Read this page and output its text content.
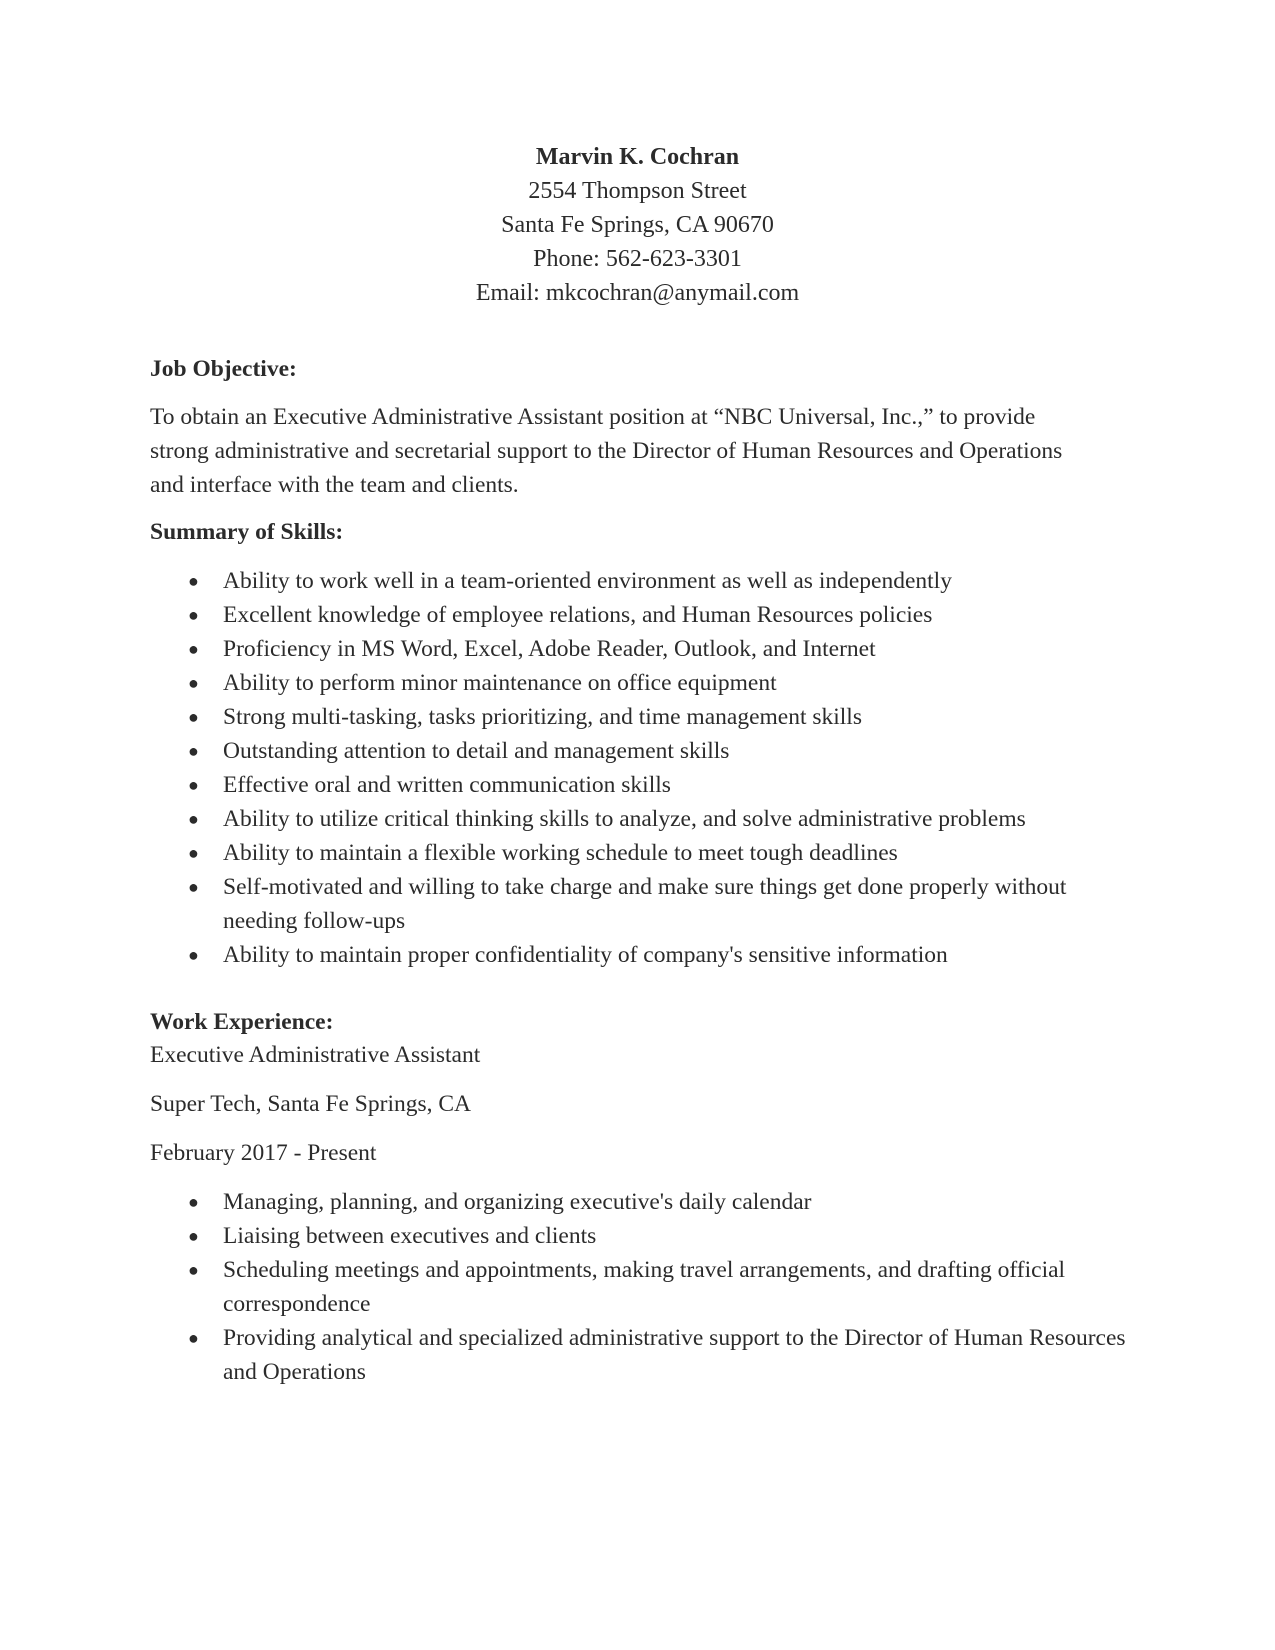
Marvin K. Cochran
2554 Thompson Street
Santa Fe Springs, CA 90670
Phone: 562-623-3301
Email: mkcochran@anymail.com
Job Objective:
To obtain an Executive Administrative Assistant position at “NBC Universal, Inc.,” to provide strong administrative and secretarial support to the Director of Human Resources and Operations and interface with the team and clients.
Summary of Skills:
● Ability to work well in a team-oriented environment as well as independently
● Excellent knowledge of employee relations, and Human Resources policies
● Proficiency in MS Word, Excel, Adobe Reader, Outlook, and Internet
● Ability to perform minor maintenance on office equipment
● Strong multi-tasking, tasks prioritizing, and time management skills
● Outstanding attention to detail and management skills
● Effective oral and written communication skills
● Ability to utilize critical thinking skills to analyze, and solve administrative problems
● Ability to maintain a flexible working schedule to meet tough deadlines
● Self-motivated and willing to take charge and make sure things get done properly without needing follow-ups
● Ability to maintain proper confidentiality of company's sensitive information
Work Experience:
Executive Administrative Assistant
Super Tech, Santa Fe Springs, CA
February 2017 - Present
● Managing, planning, and organizing executive's daily calendar
● Liaising between executives and clients
● Scheduling meetings and appointments, making travel arrangements, and drafting official correspondence
● Providing analytical and specialized administrative support to the Director of Human Resources and Operations
